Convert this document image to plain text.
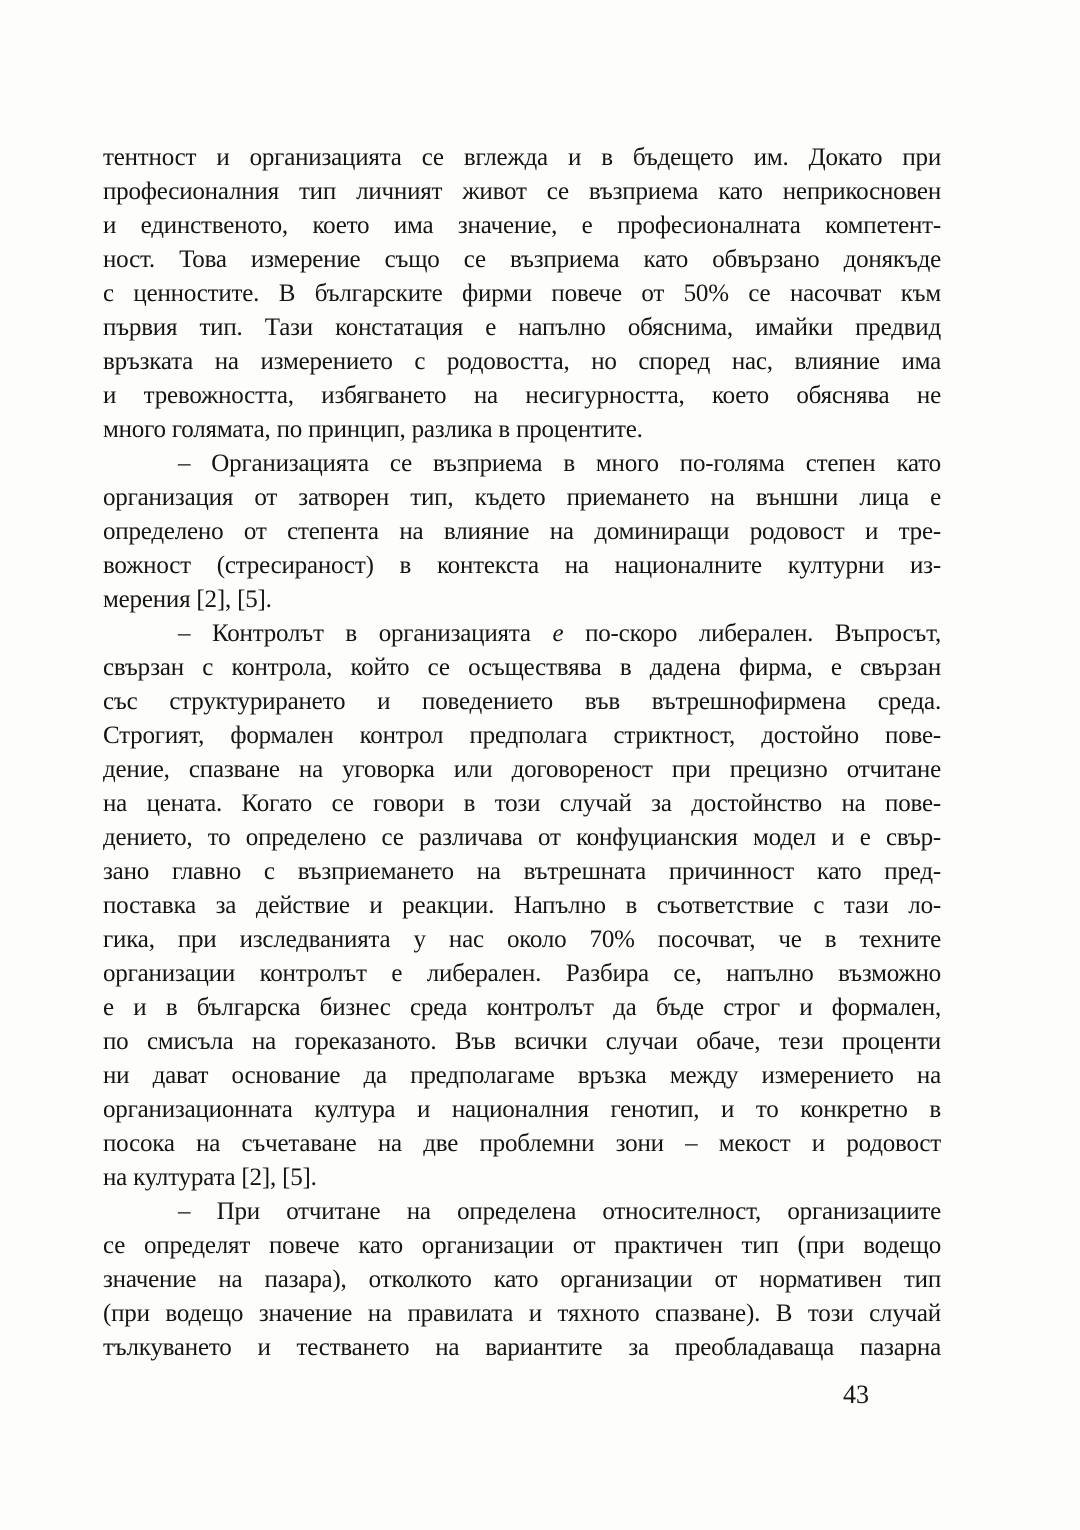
тентност и организацията се вглежда и в бъдещето им. Докато при
професионалния тип личният живот се възприема като неприкосновен
и единственото, което има значение, е професионалната компетент-
ност. Това измерение също се възприема като обвързано донякъде
с ценностите. В българските фирми повече от 50% се насочват към
първия тип. Тази констатация е напълно обяснима, имайки предвид
връзката на измерението с родовостта, но според нас, влияние има
и тревожността, избягването на несигурността, което обяснява не
много голямата, по принцип, разлика в процентите.

– Организацията се възприема в много по-голяма степен като
организация от затворен тип, където приемането на външни лица е
определено от степента на влияние на доминиращи родовост и тре-
вожност (стресираност) в контекста на националните културни из-
мерения [2], [5].

– Контролът в организацията е по-скоро либерален. Въпросът,
свързан с контрола, който се осъществява в дадена фирма, е свързан
със структурирането и поведението във вътрешнофирмена среда.
Строгият, формален контрол предполага стриктност, достойно пове-
дение, спазване на уговорка или договореност при прецизно отчитане
на цената. Когато се говори в този случай за достойнство на пове-
дението, то определено се различава от конфуцианския модел и е свър-
зано главно с възприемането на вътрешната причинност като пред-
поставка за действие и реакции. Напълно в съответствие с тази ло-
гика, при изследванията у нас около 70% посочват, че в техните
организации контролът е либерален. Разбира се, напълно възможно
е и в българска бизнес среда контролът да бъде строг и формален,
по смисъла на гореказаното. Във всички случаи обаче, тези проценти
ни дават основание да предполагаме връзка между измерението на
организационната култура и националния генотип, и то конкретно в
посока на съчетаване на две проблемни зони – мекост и родовост
на културата [2], [5].

– При отчитане на определена относителност, организациите
се определят повече като организации от практичен тип (при водещо
значение на пазара), отколкото като организации от нормативен тип
(при водещо значение на правилата и тяхното спазване). В този случай
тълкуването и тестването на вариантите за преобладаваща пазарна

43
